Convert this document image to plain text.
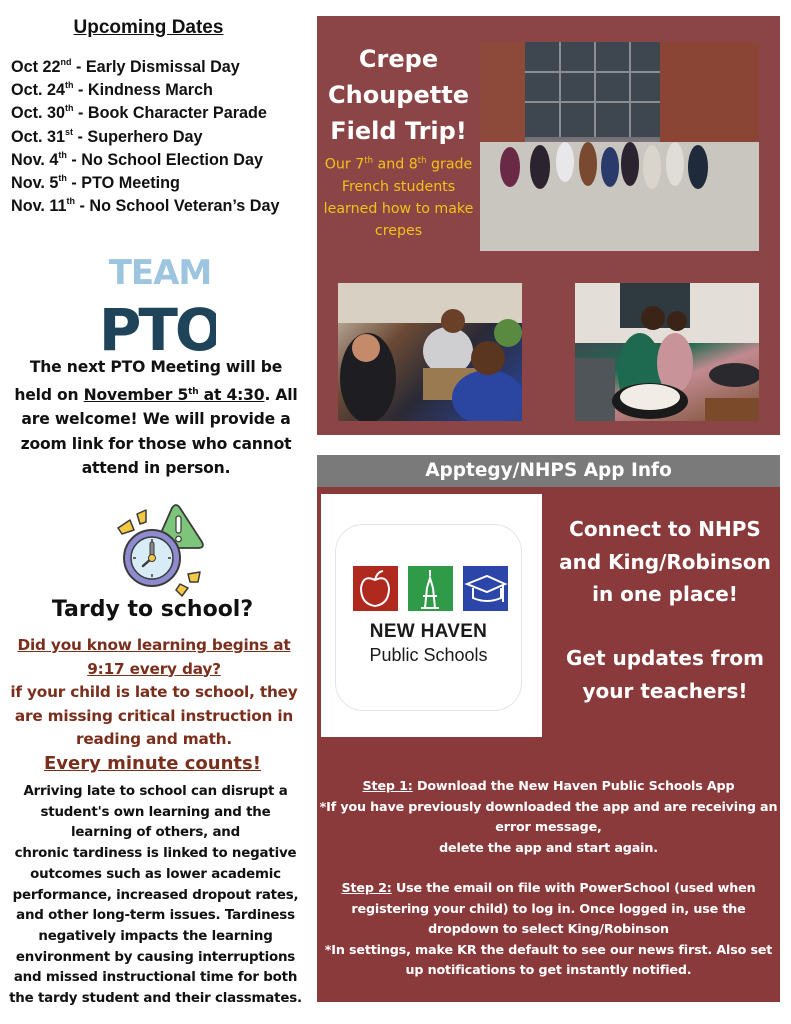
Upcoming Dates
Oct 22nd - Early Dismissal Day
Oct. 24th - Kindness March
Oct. 30th - Book Character Parade
Oct. 31st - Superhero Day
Nov. 4th - No School Election Day
Nov. 5th - PTO Meeting
Nov. 11th - No School Veteran’s Day
TEAM
PTO

The next PTO Meeting will be held on November 5th at 4:30. All are welcome! We will provide a zoom link for those who cannot attend in person.

Tardy to school?

Did you know learning begins at 9:17 every day?
if your child is late to school, they are missing critical instruction in reading and math.

Every minute counts!

Arriving late to school can disrupt a student's own learning and the learning of others, and
chronic tardiness is linked to negative outcomes such as lower academic performance, increased dropout rates, and other long-term issues. Tardiness negatively impacts the learning environment by causing interruptions and missed instructional time for both the tardy student and their classmates.

Crepe Choupette Field Trip!

Our 7th and 8th grade French students learned how to make crepes

Apptegy/NHPS App Info
NEW HAVEN
Public Schools

Connect to NHPS and King/Robinson in one place!

Get updates from your teachers!

Step 1: Download the New Haven Public Schools App
*If you have previously downloaded the app and are receiving an error message,
delete the app and start again.

Step 2: Use the email on file with PowerSchool (used when registering your child) to log in. Once logged in, use the dropdown to select King/Robinson
*In settings, make KR the default to see our news first. Also set up notifications to get instantly notified.
